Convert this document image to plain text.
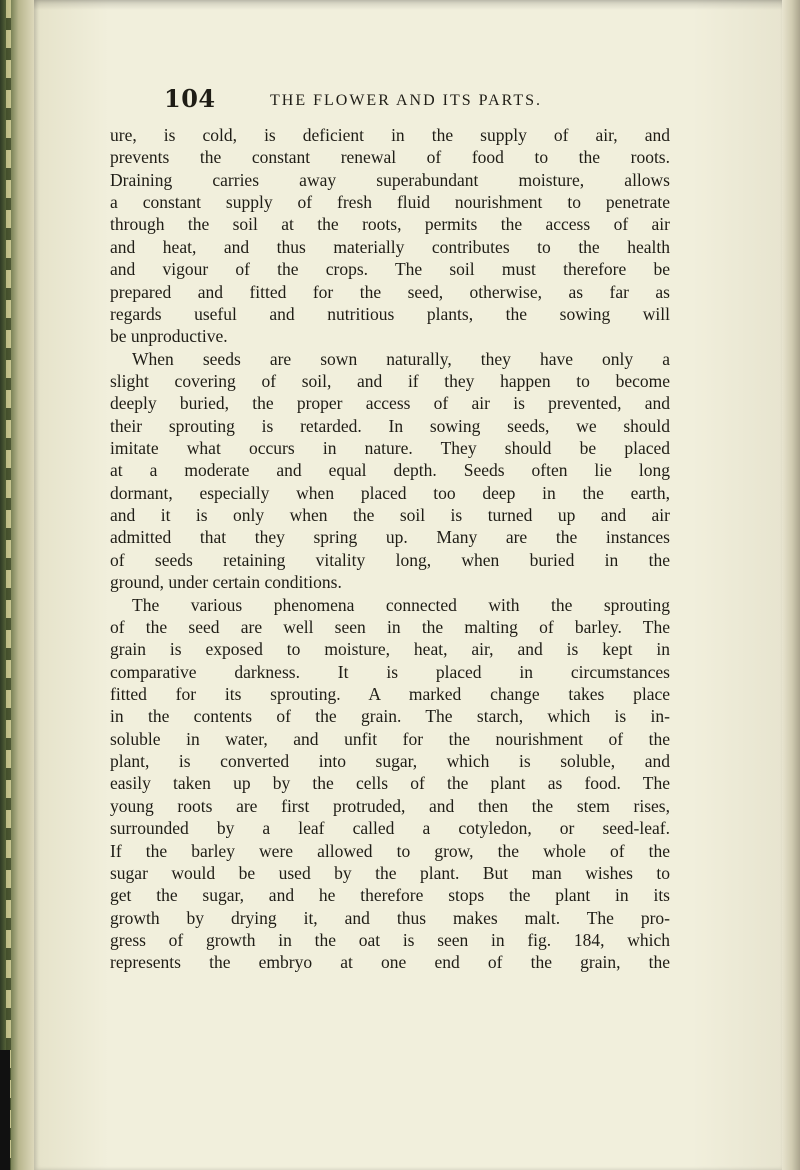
104	THE FLOWER AND ITS PARTS.
ure, is cold, is deficient in the supply of air, and
prevents the constant renewal of food to the roots.
Draining carries away superabundant moisture, allows
a constant supply of fresh fluid nourishment to penetrate
through the soil at the roots, permits the access of air
and heat, and thus materially contributes to the health
and vigour of the crops. The soil must therefore be
prepared and fitted for the seed, otherwise, as far as
regards useful and nutritious plants, the sowing will
be unproductive.
When seeds are sown naturally, they have only a
slight covering of soil, and if they happen to become
deeply buried, the proper access of air is prevented, and
their sprouting is retarded. In sowing seeds, we should
imitate what occurs in nature. They should be placed
at a moderate and equal depth. Seeds often lie long
dormant, especially when placed too deep in the earth,
and it is only when the soil is turned up and air
admitted that they spring up. Many are the instances
of seeds retaining vitality long, when buried in the
ground, under certain conditions.
The various phenomena connected with the sprouting
of the seed are well seen in the malting of barley. The
grain is exposed to moisture, heat, air, and is kept in
comparative darkness. It is placed in circumstances
fitted for its sprouting. A marked change takes place
in the contents of the grain. The starch, which is in-
soluble in water, and unfit for the nourishment of the
plant, is converted into sugar, which is soluble, and
easily taken up by the cells of the plant as food. The
young roots are first protruded, and then the stem rises,
surrounded by a leaf called a cotyledon, or seed-leaf.
If the barley were allowed to grow, the whole of the
sugar would be used by the plant. But man wishes to
get the sugar, and he therefore stops the plant in its
growth by drying it, and thus makes malt. The pro-
gress of growth in the oat is seen in fig. 184, which
represents the embryo at one end of the grain, the
